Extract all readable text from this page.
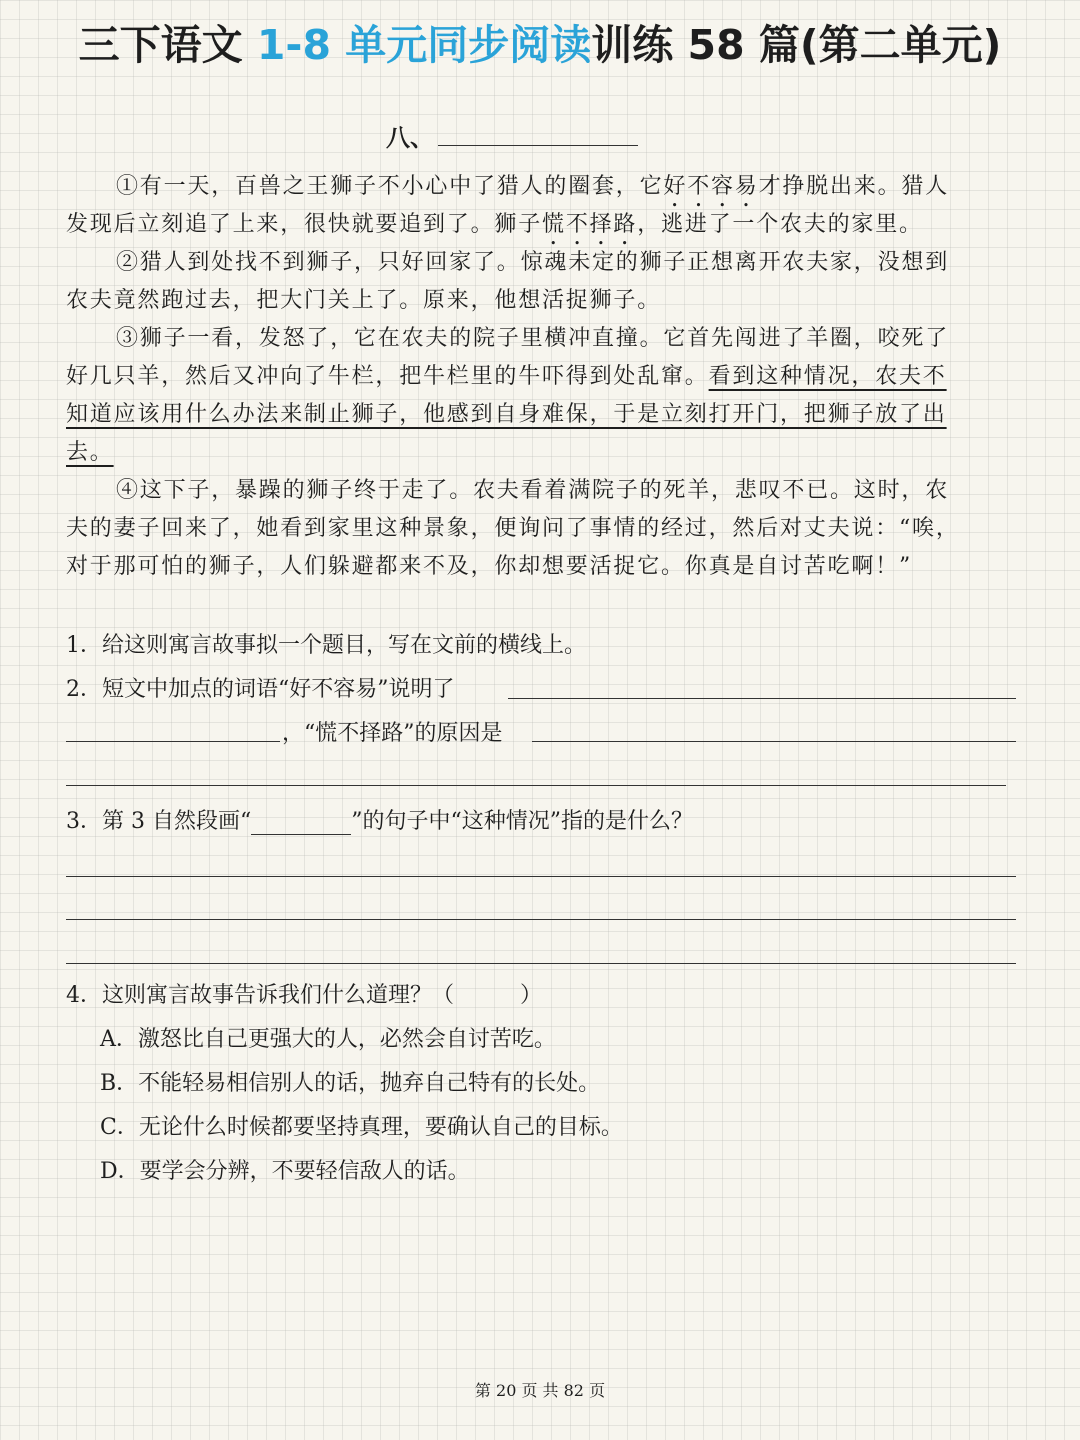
三下语文 1-8 单元同步阅读训练 58 篇(第二单元)
八、
①有一天，百兽之王狮子不小心中了猎人的圈套，它好不容易才挣脱出来。猎人
发现后立刻追了上来，很快就要追到了。狮子慌不择路，逃进了一个农夫的家里。
②猎人到处找不到狮子，只好回家了。惊魂未定的狮子正想离开农夫家，没想到
农夫竟然跑过去，把大门关上了。原来，他想活捉狮子。
③狮子一看，发怒了，它在农夫的院子里横冲直撞。它首先闯进了羊圈，咬死了
好几只羊，然后又冲向了牛栏，把牛栏里的牛吓得到处乱窜。看到这种情况，农夫不
知道应该用什么办法来制止狮子，他感到自身难保，于是立刻打开门，把狮子放了出
去。
④这下子，暴躁的狮子终于走了。农夫看着满院子的死羊，悲叹不已。这时，农
夫的妻子回来了，她看到家里这种景象，便询问了事情的经过，然后对丈夫说：“唉，
对于那可怕的狮子，人们躲避都来不及，你却想要活捉它。你真是自讨苦吃啊！”
1．给这则寓言故事拟一个题目，写在文前的横线上。
2．短文中加点的词语“好不容易”说明了
，“慌不择路”的原因是
3．第 3 自然段画“	”的句子中“这种情况”指的是什么？
4．这则寓言故事告诉我们什么道理？（　　　）
A．激怒比自己更强大的人，必然会自讨苦吃。
B．不能轻易相信别人的话，抛弃自己特有的长处。
C．无论什么时候都要坚持真理，要确认自己的目标。
D．要学会分辨，不要轻信敌人的话。
第 20 页 共 82 页
